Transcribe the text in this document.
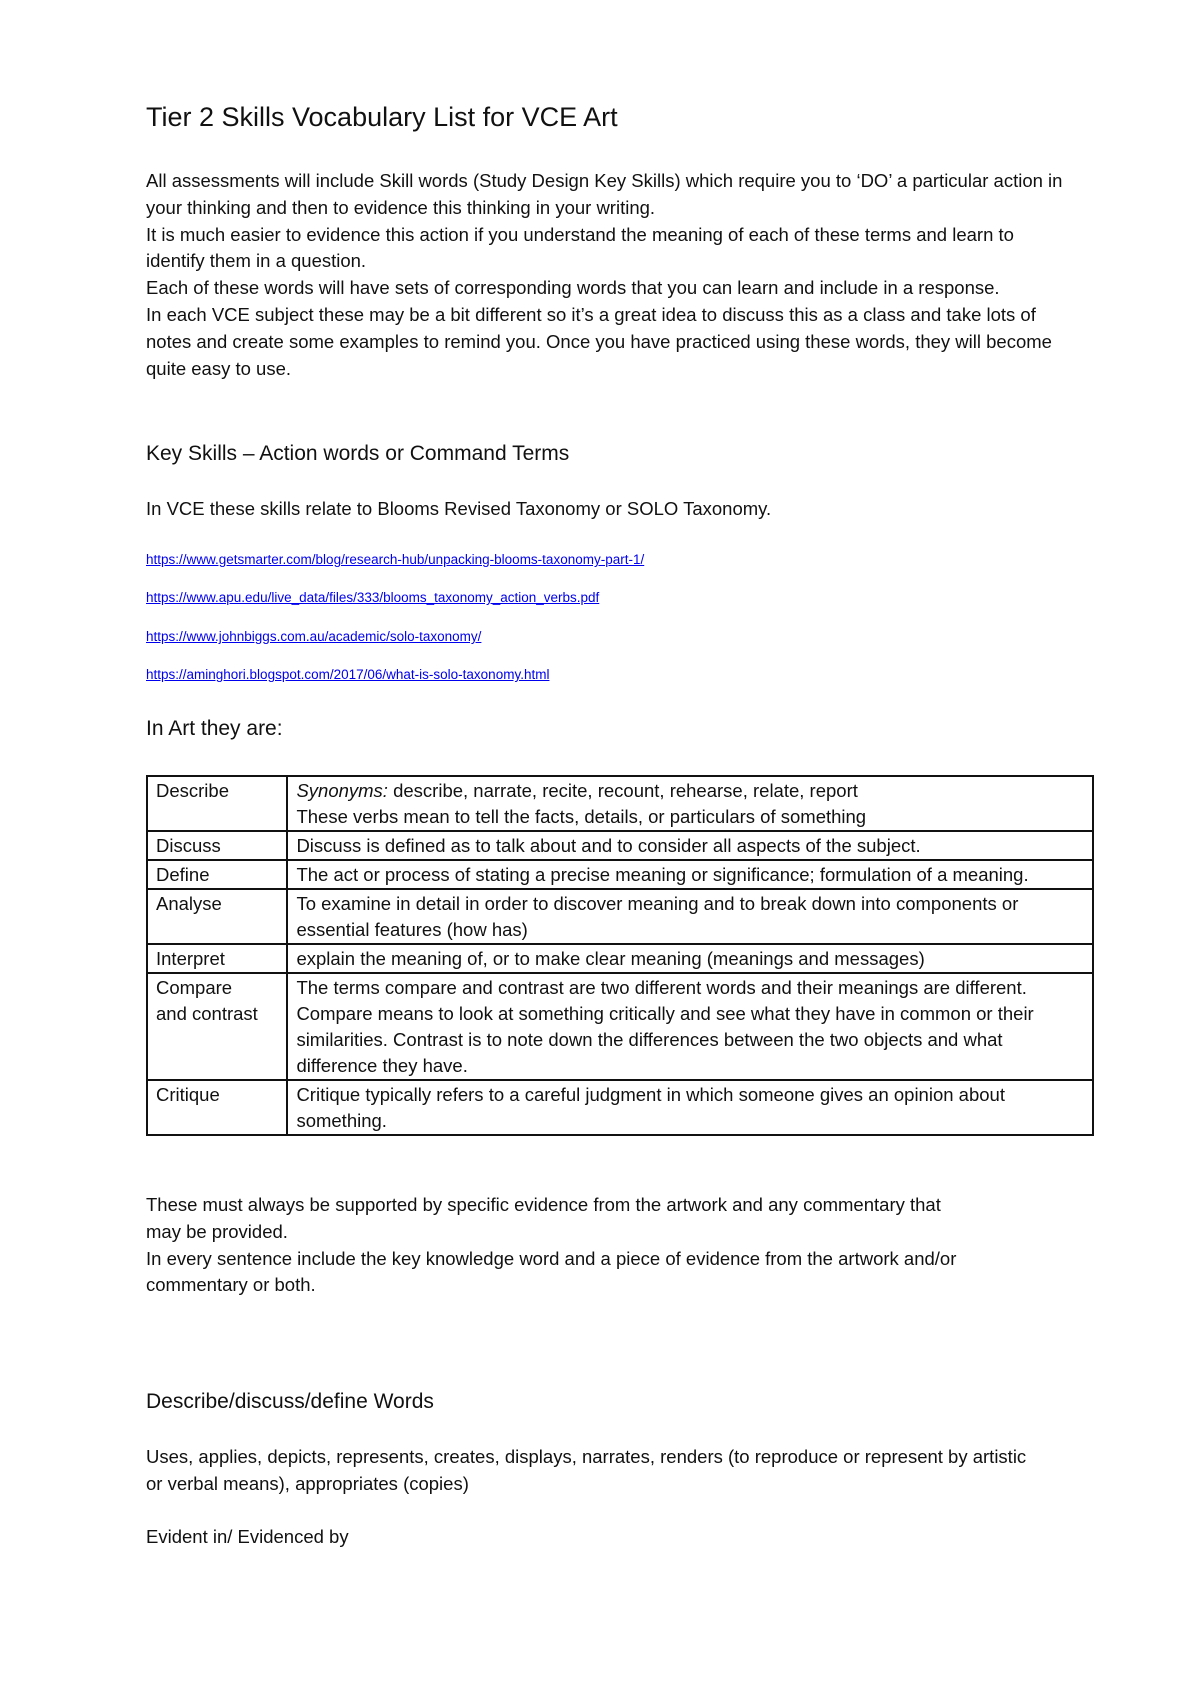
Tier 2 Skills Vocabulary List for VCE Art

All assessments will include Skill words (Study Design Key Skills) which require you to ‘DO’ a particular action in your thinking and then to evidence this thinking in your writing.

It is much easier to evidence this action if you understand the meaning of each of these terms and learn to identify them in a question.

Each of these words will have sets of corresponding words that you can learn and include in a response.

In each VCE subject these may be a bit different so it’s a great idea to discuss this as a class and take lots of notes and create some examples to remind you. Once you have practiced using these words, they will become quite easy to use.

Key Skills – Action words or Command Terms
In VCE these skills relate to Blooms Revised Taxonomy or SOLO Taxonomy.
https://www.getsmarter.com/blog/research-hub/unpacking-blooms-taxonomy-part-1/
https://www.apu.edu/live_data/files/333/blooms_taxonomy_action_verbs.pdf
https://www.johnbiggs.com.au/academic/solo-taxonomy/
https://aminghori.blogspot.com/2017/06/what-is-solo-taxonomy.html
In Art they are:
Describe	Synonyms: describe, narrate, recite, recount, rehearse, relate, report
These verbs mean to tell the facts, details, or particulars of something
Discuss	Discuss is defined as to talk about and to consider all aspects of the subject.
Define	The act or process of stating a precise meaning or significance; formulation of a meaning.
Analyse	To examine in detail in order to discover meaning and to break down into components or essential features (how has)
Interpret	explain the meaning of, or to make clear meaning (meanings and messages)
Compare and contrast	The terms compare and contrast are two different words and their meanings are different. Compare means to look at something critically and see what they have in common or their similarities. Contrast is to note down the differences between the two objects and what difference they have.
Critique	Critique typically refers to a careful judgment in which someone gives an opinion about something.

These must always be supported by specific evidence from the artwork and any commentary that may be provided.

In every sentence include the key knowledge word and a piece of evidence from the artwork and/or commentary or both.

Describe/discuss/define Words
Uses, applies, depicts, represents, creates, displays, narrates, renders (to reproduce or represent by artistic or verbal means), appropriates (copies)
Evident in/ Evidenced by
